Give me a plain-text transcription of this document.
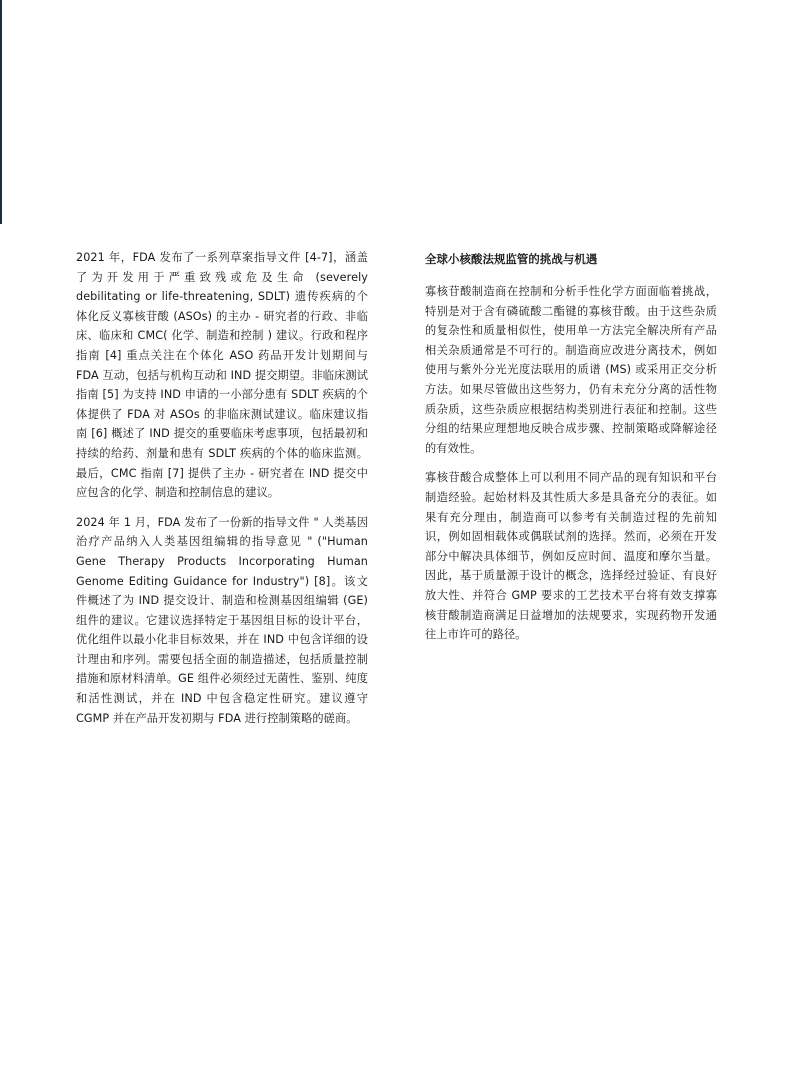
2021 年，FDA 发布了一系列草案指导文件 [4-7]，涵盖了为开发用于严重致残或危及生命 (severely debilitating or life-threatening, SDLT) 遗传疾病的个体化反义寡核苷酸 (ASOs) 的主办 - 研究者的行政、非临床、临床和 CMC( 化学、制造和控制 ) 建议。行政和程序指南 [4] 重点关注在个体化 ASO 药品开发计划期间与 FDA 互动，包括与机构互动和 IND 提交期望。非临床测试指南 [5] 为支持 IND 申请的一小部分患有 SDLT 疾病的个体提供了 FDA 对 ASOs 的非临床测试建议。临床建议指南 [6] 概述了 IND 提交的重要临床考虑事项，包括最初和持续的给药、剂量和患有 SDLT 疾病的个体的临床监测。最后，CMC 指南 [7] 提供了主办 - 研究者在 IND 提交中应包含的化学、制造和控制信息的建议。

2024 年 1 月，FDA 发布了一份新的指导文件 " 人类基因治疗产品纳入人类基因组编辑的指导意见 " ("Human Gene Therapy Products Incorporating Human Genome Editing Guidance for Industry") [8]。该文件概述了为 IND 提交设计、制造和检测基因组编辑 (GE) 组件的建议。它建议选择特定于基因组目标的设计平台，优化组件以最小化非目标效果，并在 IND 中包含详细的设计理由和序列。需要包括全面的制造描述，包括质量控制措施和原材料清单。GE 组件必须经过无菌性、鉴别、纯度和活性测试，并在 IND 中包含稳定性研究。建议遵守 CGMP 并在产品开发初期与 FDA 进行控制策略的磋商。

全球小核酸法规监管的挑战与机遇

寡核苷酸制造商在控制和分析手性化学方面面临着挑战，特别是对于含有磷硫酸二酯键的寡核苷酸。由于这些杂质的复杂性和质量相似性，使用单一方法完全解决所有产品相关杂质通常是不可行的。制造商应改进分离技术，例如使用与紫外分光光度法联用的质谱 (MS) 或采用正交分析方法。如果尽管做出这些努力，仍有未充分分离的活性物质杂质，这些杂质应根据结构类别进行表征和控制。这些分组的结果应理想地反映合成步骤、控制策略或降解途径的有效性。

寡核苷酸合成整体上可以利用不同产品的现有知识和平台制造经验。起始材料及其性质大多是具备充分的表征。如果有充分理由，制造商可以参考有关制造过程的先前知识，例如固相载体或偶联试剂的选择。然而，必须在开发部分中解决具体细节，例如反应时间、温度和摩尔当量。因此，基于质量源于设计的概念，选择经过验证、有良好放大性、并符合 GMP 要求的工艺技术平台将有效支撑寡核苷酸制造商满足日益增加的法规要求，实现药物开发通往上市许可的路径。
